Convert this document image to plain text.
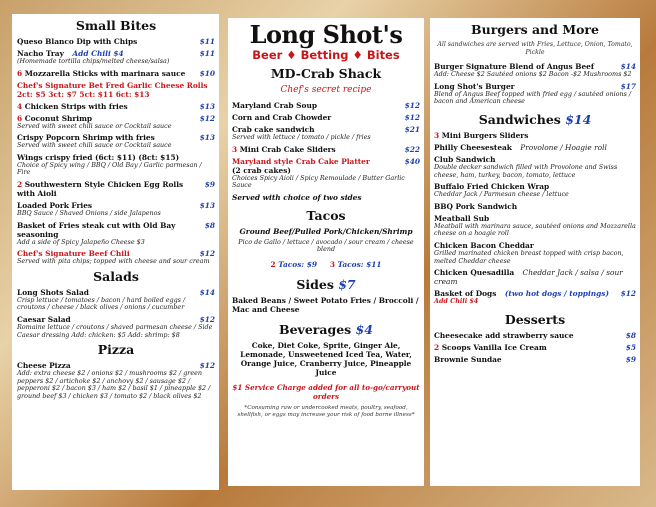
Small Bites
Queso Blanco Dip with Chips	$11
Nacho Tray Add Chili $4	$11
(Homemade tortilla chips/melted cheese/salsa)
6 Mozzarella Sticks with marinara sauce $10
Chef's Signature Bet Fred Garlic Cheese Rolls
2ct: $5 3ct: $7 5ct: $11 6ct: $13
4 Chicken Strips with fries	$13
6 Coconut Shrimp	$12
Served with sweet chili sauce or Cocktail sauce
Crispy Popcorn Shrimp with fries	$13
Served with sweet chili sauce or Cocktail sauce
Wings crispy fried (6ct: $11) (8ct: $15)
Choice of Spicy wing / BBQ / Old Bay / Garlic parmesan / Fire
2 Southwestern Style Chicken Egg Rolls with Aioli
$9
Loaded Pork Fries	$13
BBQ Sauce / Shaved Onions / side Jalapenos
Basket of Fries steak cut with Old Bay seasoning
$8
Add a side of Spicy Jalapeño Cheese $3
Chef's Signature Beef Chili	$12
Served with pita chips; topped with cheese and sour cream
Salads
Long Shots Salad	$14
Crisp lettuce / tomatoes / bacon / hard boiled eggs / croutons / cheese / black olives / onions / cucumber
Caesar Salad	$12
Romaine lettuce / croutons / shaved parmesan cheese / Side Caesar dressing Add: chicken: $5 Add: shrimp: $8
Pizza
Cheese Pizza	$12
Add: extra cheese $2 / onions $2 / mushrooms $2 / green peppers $2 / artichoke $2 / anchovy $2 / sausage $2 / pepperoni $2 / bacon $3 / ham $2 / basil $1 / pineapple $2 / ground beef $3 / chicken $3 / tomato $2 / black olives $2
Long Shot's
Beer ♦ Betting ♦ Bites
MD-Crab Shack
Chef's secret recipe
Maryland Crab Soup	$12
Corn and Crab Chowder	$12
Crab cake sandwich	$21
Served with lettuce / tomato / pickle / fries
3 Mini Crab Cake Sliders	$22
Maryland style Crab Cake Platter	$40
(2 crab cakes)
Choices Spicy Aioli / Spicy Remoulade / Butter Garlic Sauce
Served with choice of two sides
Tacos
Ground Beef/Pulled Pork/Chicken/Shrimp
Pico de Gallo / lettuce / avocado / sour cream / cheese blend
2 Tacos: $9 3 Tacos: $11
Sides $7
Baked Beans / Sweet Potato Fries / Broccoli / Mac and Cheese
Beverages $4
Coke, Diet Coke, Sprite, Ginger Ale, Lemonade, Unsweetened Iced Tea, Water, Orange Juice, Cranberry Juice, Pineapple Juice
$1 Service Charge added for all to-go/carryout orders
*Consuming raw or undercooked meats, poultry, seafood, shellfish, or eggs may increase your risk of food borne illness*
Burgers and More
All sandwiches are served with Fries, Lettuce, Onion, Tomato, Pickle
Burger Signature Blend of Angus Beef	$14
Add: Cheese $2 Sautéed onions $2 Bacon -$2 Mushrooms $2
Long Shot's Burger	$17
Blend of Angus Beef topped with fried egg / sautéed onions / bacon and American cheese
Sandwiches $14
3 Mini Burgers Sliders
Philly Cheesesteak Provolone / Hoagie roll
Club Sandwich
Double decker sandwich filled with Provolone and Swiss cheese, ham, turkey, bacon, tomato, lettuce
Buffalo Fried Chicken Wrap
Cheddar Jack / Parmesan cheese / lettuce
BBQ Pork Sandwich
Meatball Sub
Meatball with marinara sauce, sautéed onions and Mozzarella cheese on a hoagie roll
Chicken Bacon Cheddar
Grilled marinated chicken breast topped with crisp bacon, melted Cheddar cheese
Chicken Quesadilla Cheddar Jack / salsa / sour cream
Basket of Dogs (two hot dogs / toppings) $12
Add Chili $4
Desserts
Cheesecake add strawberry sauce	$8
2 Scoops Vanilla Ice Cream	$5
Brownie Sundae	$9
